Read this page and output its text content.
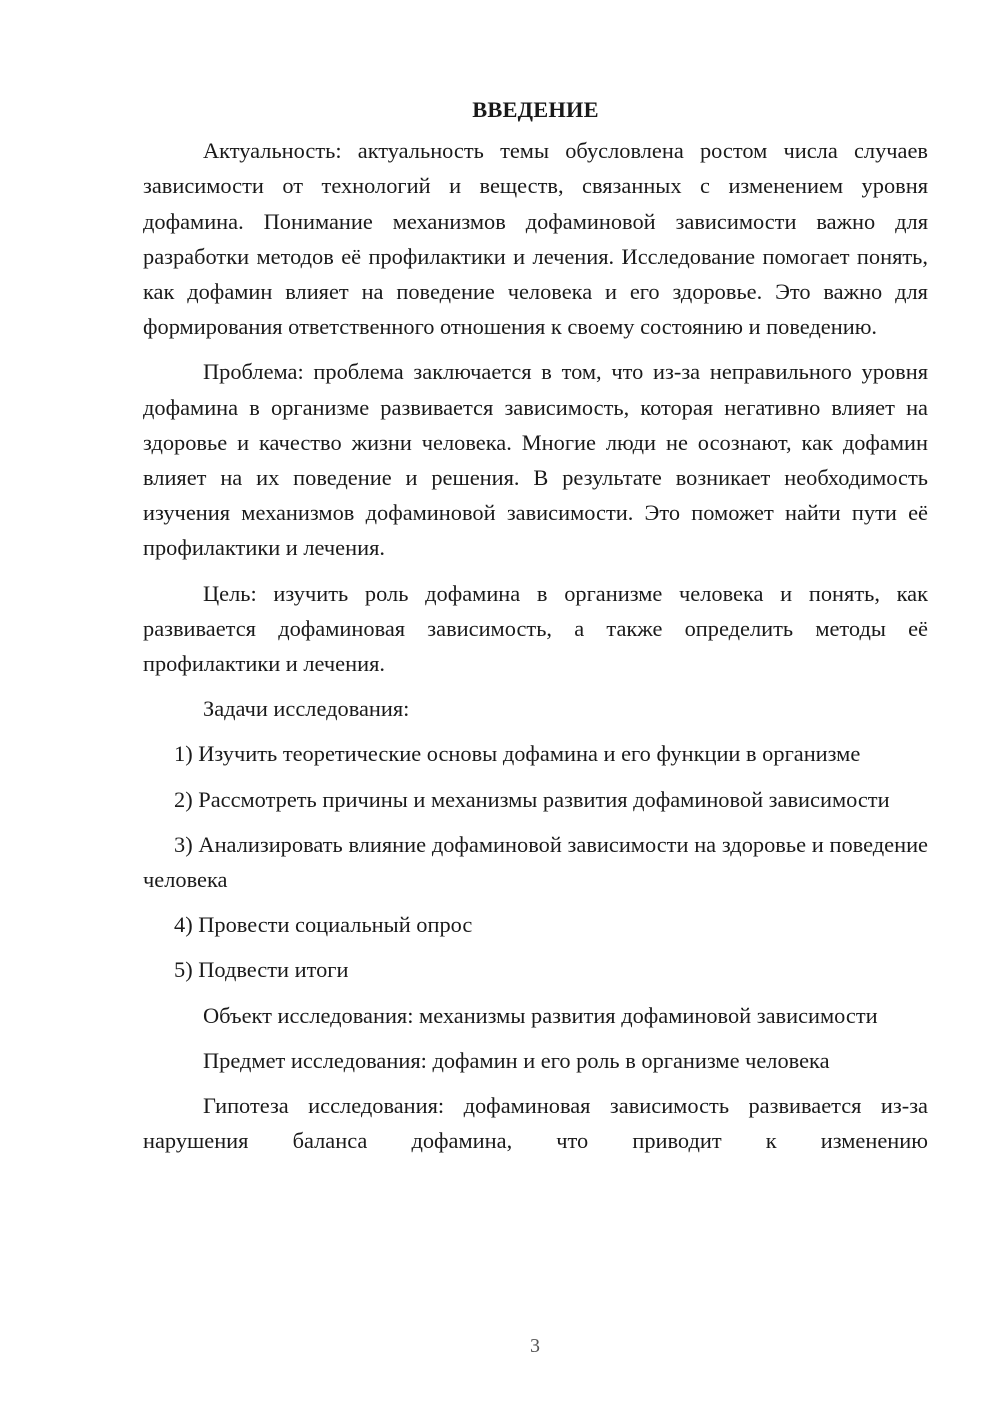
ВВЕДЕНИЕ

Актуальность: актуальность темы обусловлена ростом числа случаев зависимости от технологий и веществ, связанных с изменением уровня дофамина. Понимание механизмов дофаминовой зависимости важно для разработки методов её профилактики и лечения. Исследование помогает понять, как дофамин влияет на поведение человека и его здоровье. Это важно для формирования ответственного отношения к своему состоянию и поведению.

Проблема: проблема заключается в том, что из-за неправильного уровня дофамина в организме развивается зависимость, которая негативно влияет на здоровье и качество жизни человека. Многие люди не осознают, как дофамин влияет на их поведение и решения. В результате возникает необходимость изучения механизмов дофаминовой зависимости. Это поможет найти пути её профилактики и лечения.

Цель: изучить роль дофамина в организме человека и понять, как развивается дофаминовая зависимость, а также определить методы её профилактики и лечения.

Задачи исследования:

1) Изучить теоретические основы дофамина и его функции в организме

2) Рассмотреть причины и механизмы развития дофаминовой зависимости

3) Анализировать влияние дофаминовой зависимости на здоровье и поведение человека

4) Провести социальный опрос

5) Подвести итоги

Объект исследования: механизмы развития дофаминовой зависимости

Предмет исследования: дофамин и его роль в организме человека

Гипотеза исследования: дофаминовая зависимость развивается из-за нарушения баланса дофамина, что приводит к изменению

3
